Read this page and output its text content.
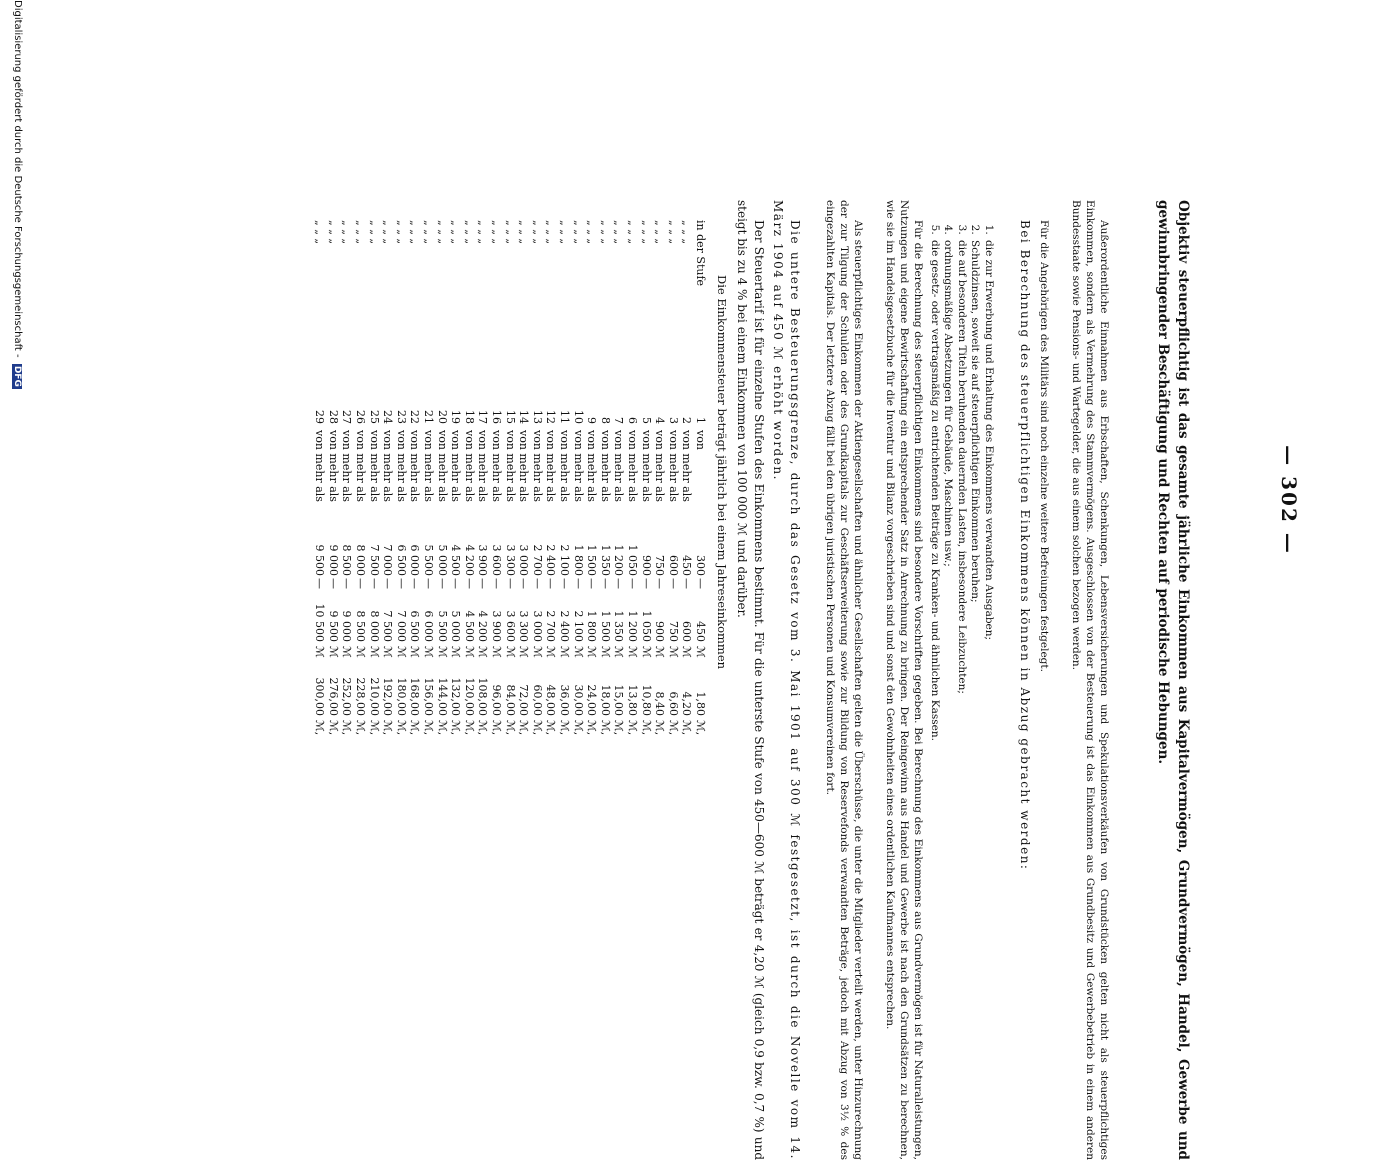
— 302 —

Objektiv steuerpflichtig ist das gesamte jährliche Einkommen aus Kapitalvermögen, Grundvermögen, Handel, Gewerbe und gewinnbringender Beschäftigung und Rechten auf periodische Hebungen.

Außerordentliche Einnahmen aus Erbschaften, Schenkungen, Lebensversicherungen und Spekulationsverkäufen von Grundstücken gelten nicht als steuerpflichtiges Einkommen, sondern als Vermehrung des Stammvermögens. Ausgeschlossen von der Besteuerung ist das Einkommen aus Grundbesitz und Gewerbebetrieb in einem anderen Bundesstaate sowie Pensions- und Wartegelder, die aus einem solchen bezogen werden.

Für die Angehörigen des Militärs sind noch einzelne weitere Befreiungen festgelegt.

Bei Berechnung des steuerpflichtigen Einkommens können in Abzug gebracht werden:

1. die zur Erwerbung und Erhaltung des Einkommens verwandten Ausgaben;
2. Schuldzinsen, soweit sie auf steuerpflichtigen Einkommen beruhen;
3. die auf besonderen Titeln beruhenden dauernden Lasten, insbesondere Leibzuchten;
4. ordnungsmäßige Absetzungen für Gebäude, Maschinen usw.;
5. die gesetz- oder vertragsmäßig zu entrichtenden Beiträge zu Kranken- und ähnlichen Kassen.

Für die Berechnung des steuerpflichtigen Einkommens sind besondere Vorschriften gegeben. Bei Berechnung des Einkommens aus Grundvermögen ist für Naturalleistungen, Nutzungen und eigene Bewirtschaftung ein entsprechender Satz in Anrechnung zu bringen. Der Reingewinn aus Handel und Gewerbe ist nach den Grundsätzen zu berechnen, wie sie im Handelsgesetzbuche für die Inventur und Bilanz vorgeschrieben sind und sonst den Gewohnheiten eines ordentlichen Kaufmannes entsprechen.

Als steuerpflichtiges Einkommen der Aktiengesellschaften und ähnlicher Gesellschaften gelten die Überschüsse, die unter die Mitglieder verteilt werden, unter Hinzurechnung der zur Tilgung der Schulden oder des Grundkapitals zur Geschäftserweiterung sowie zur Bildung von Reservefonds verwandten Beträge, jedoch mit Abzug von 3½ % des eingezahlten Kapitals. Der letztere Abzug fällt bei den übrigen juristischen Personen und Konsumvereinen fort.

Die untere Besteuerungsgrenze, durch das Gesetz vom 3. Mai 1901 auf 300 ℳ festgesetzt, ist durch die Novelle vom 14. März 1904 auf 450 ℳ erhöht worden.

Der Steuertarif ist für einzelne Stufen des Einkommens bestimmt. Für die unterste Stufe von 450—600 ℳ beträgt er 4,20 ℳ (gleich 0,9 bzw. 0,7 %) und steigt bis zu 4 % bei einem Einkommen von 100 000 ℳ und darüber.

Die Einkommensteuer beträgt jährlich bei einem Jahreseinkommen
in der Stufe
1
von
300
—
450
ℳ
1,80
ℳ,
„ „ „
2
von mehr als
450
—
600
ℳ
4,20
ℳ,
„ „ „
3
von mehr als
600
—
750
ℳ
6,60
ℳ,
„ „ „
4
von mehr als
750
—
900
ℳ
8,40
ℳ,
„ „ „
5
von mehr als
900
—
1 050
ℳ
10,80
ℳ,
„ „ „
6
von mehr als
1 050
—
1 200
ℳ
13,80
ℳ,
„ „ „
7
von mehr als
1 200
—
1 350
ℳ
15,00
ℳ,
„ „ „
8
von mehr als
1 350
—
1 500
ℳ
18,00
ℳ,
„ „ „
9
von mehr als
1 500
—
1 800
ℳ
24,00
ℳ,
„ „ „
10
von mehr als
1 800
—
2 100
ℳ
30,00
ℳ,
„ „ „
11
von mehr als
2 100
—
2 400
ℳ
36,00
ℳ,
„ „ „
12
von mehr als
2 400
—
2 700
ℳ
48,00
ℳ,
„ „ „
13
von mehr als
2 700
—
3 000
ℳ
60,00
ℳ,
„ „ „
14
von mehr als
3 000
—
3 300
ℳ
72,00
ℳ,
„ „ „
15
von mehr als
3 300
—
3 600
ℳ
84,00
ℳ,
„ „ „
16
von mehr als
3 600
—
3 900
ℳ
96,00
ℳ,
„ „ „
17
von mehr als
3 900
—
4 200
ℳ
108,00
ℳ,
„ „ „
18
von mehr als
4 200
—
4 500
ℳ
120,00
ℳ,
„ „ „
19
von mehr als
4 500
—
5 000
ℳ
132,00
ℳ,
„ „ „
20
von mehr als
5 000
—
5 500
ℳ
144,00
ℳ,
„ „ „
21
von mehr als
5 500
—
6 000
ℳ
156,00
ℳ,
„ „ „
22
von mehr als
6 000
—
6 500
ℳ
168,00
ℳ,
„ „ „
23
von mehr als
6 500
—
7 000
ℳ
180,00
ℳ,
„ „ „
24
von mehr als
7 000
—
7 500
ℳ
192,00
ℳ,
„ „ „
25
von mehr als
7 500
—
8 000
ℳ
210,00
ℳ,
„ „ „
26
von mehr als
8 000
—
8 500
ℳ
228,00
ℳ,
„ „ „
27
von mehr als
8 500
—
9 000
ℳ
252,00
ℳ,
„ „ „
28
von mehr als
9 000
—
9 500
ℳ
276,00
ℳ,
„ „ „
29
von mehr als
9 500
—
10 500
ℳ
300,00
ℳ,
Digitalisierung gefördert durch die Deutsche Forschungsgemeinschaft - DFG
